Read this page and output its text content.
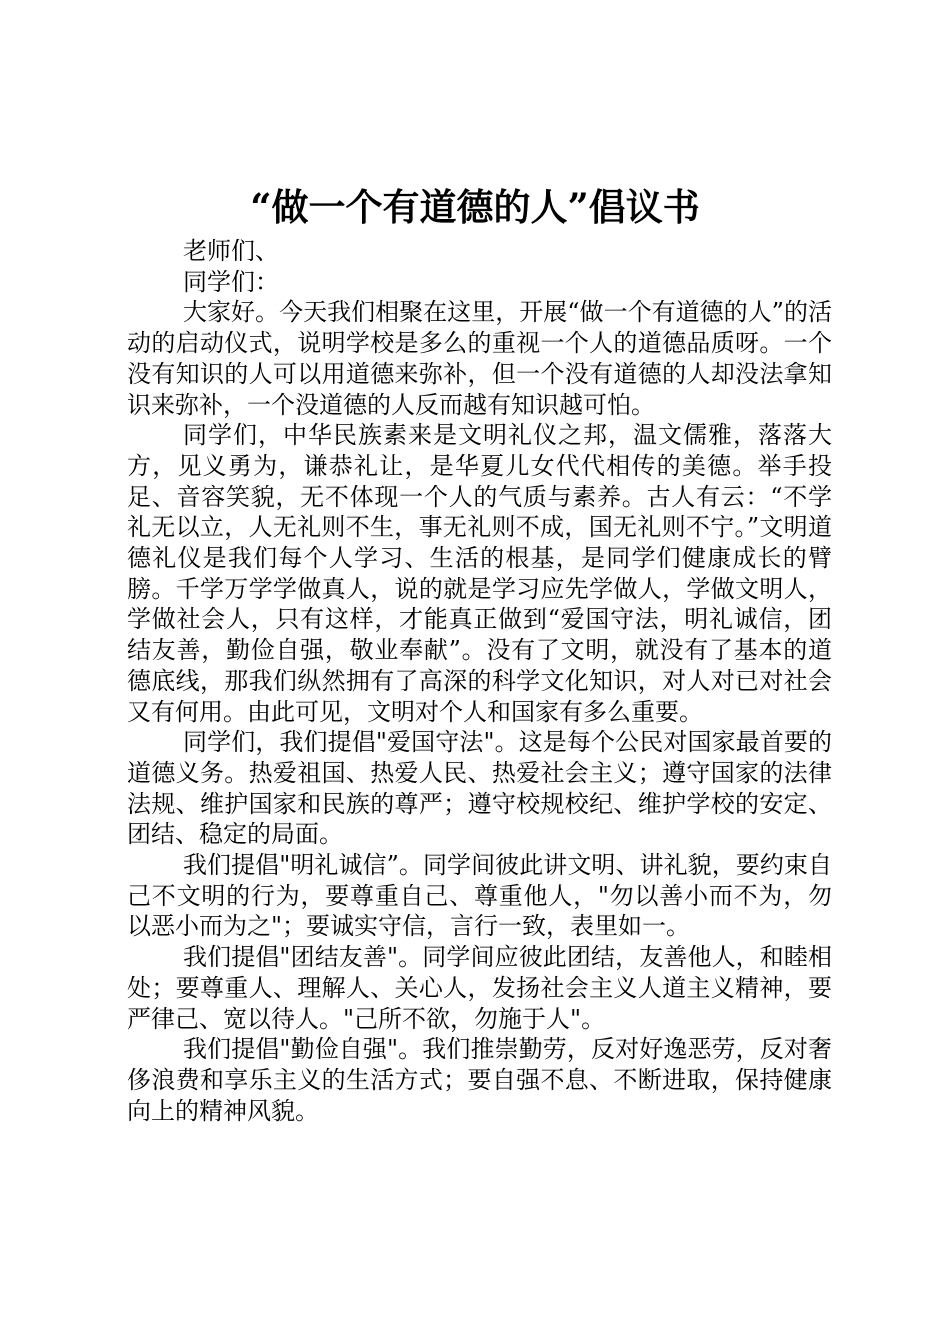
“做一个有道德的人”倡议书

老师们、

同学们：

大家好。今天我们相聚在这里，开展“做一个有道德的人”的活动的启动仪式，说明学校是多么的重视一个人的道德品质呀。一个没有知识的人可以用道德来弥补，但一个没有道德的人却没法拿知识来弥补，一个没道德的人反而越有知识越可怕。

同学们，中华民族素来是文明礼仪之邦，温文儒雅，落落大方，见义勇为，谦恭礼让，是华夏儿女代代相传的美德。举手投足、音容笑貌，无不体现一个人的气质与素养。古人有云：“不学礼无以立，人无礼则不生，事无礼则不成，国无礼则不宁。”文明道德礼仪是我们每个人学习、生活的根基，是同学们健康成长的臂膀。千学万学学做真人，说的就是学习应先学做人，学做文明人，学做社会人，只有这样，才能真正做到“爱国守法，明礼诚信，团结友善，勤俭自强，敬业奉献”。没有了文明，就没有了基本的道德底线，那我们纵然拥有了高深的科学文化知识，对人对已对社会又有何用。由此可见，文明对个人和国家有多么重要。

同学们，我们提倡"爱国守法"。这是每个公民对国家最首要的道德义务。热爱祖国、热爱人民、热爱社会主义；遵守国家的法律法规、维护国家和民族的尊严；遵守校规校纪、维护学校的安定、团结、稳定的局面。

我们提倡"明礼诚信”。同学间彼此讲文明、讲礼貌，要约束自己不文明的行为，要尊重自己、尊重他人，"勿以善小而不为，勿以恶小而为之"；要诚实守信，言行一致，表里如一。

我们提倡"团结友善"。同学间应彼此团结，友善他人，和睦相处；要尊重人、理解人、关心人，发扬社会主义人道主义精神，要严律己、宽以待人。"己所不欲，勿施于人"。

我们提倡"勤俭自强"。我们推崇勤劳，反对好逸恶劳，反对奢侈浪费和享乐主义的生活方式；要自强不息、不断进取，保持健康向上的精神风貌。
